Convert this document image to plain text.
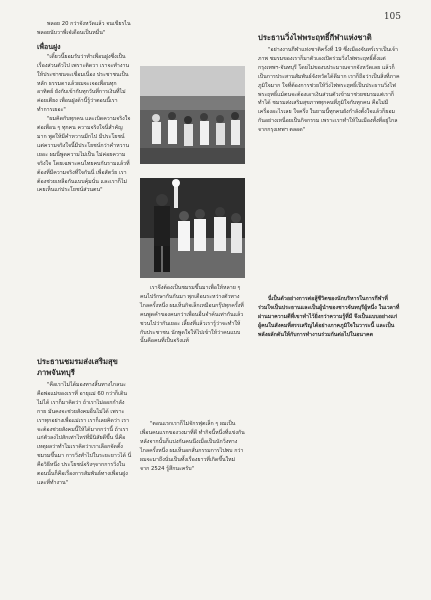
105

พลอย 20 กว่าจังหวัดแล้ว จนเขียรไน พลอยนับวาพี่เจ๋เดือนเป็นหมื่น"

เพื่อนฝูง

"เดี๋ยวนี้ยอมรับว่าทำเพื่อนฝูงซึ่งเป็นเรื่องส่วนตัวไป เพราะติดวา เราจะทำงานให้ประชาชนจะเชื่อมเนื่อง ประชาชนเป็นหลัก ธรรมดาแล้วผมจะเจอเพื่อนทุกอาทิตย์ ยังกับเข้ากับทุกวันที่การเงินที่ไม่ค่อยเตียง เพื่อนฝูงด้านี้รู้ว่าตอนนี้เราทำการเยอะ"

"ผมคิดกับทุกคน และเบิดความจริงใจต่อเพื่อน ๆ ทุกคน ความจริงใจนี่สำคัญมาก พูดให้มีคำหวานมีกไป มีประโยชน์ แต่ความจริงใจนี้มีประโยชน์กว่าคำหวานเยอะ ผมนี่พูดความไม่เป็น ไม่ค่อยความจริงใจ โดยเฉพาะคนไทยคบกันรามแล้วที่ต้องที่มีความจริงที่ใจกันนี่ เพื่อสัตว์ย เราต้องช่วยเหลือกันแบบคุ้มนั่น และเราก็ไม่เคยเห็นแก่ประโยชน์ส่วนตน"

เราจึงต้องเป็นชมรมขึ้นมาเพื่อให้หลาย ๆ คนไปรักษากันกันมา พุกเดือนระหว่างตัวทางไกลครั้งหนึ่ง ผมเห็นกิจเล็กเหมือนกรุ๊ปทุกครั้งที่คนพูดคำของคนกว่าเพื่อนอื่นจำค้นเท่ากันแล้วชวนไปว่ากันเยอะ เลี้ยงที่แล้วเรารู้ว่าจะทำให้กับประชาชน นักพูดใจให้ไปเข้าให้ว่าคนแบบนั้นคือคนที่เป็นจริงแท้

"ตอนแรกเราก็ไม่จักรฟุตเล็ก ๆ ผมเป็นเพื่อนคนแรกของวงมาที่ดี ทำกิจนี้หนึ่งที่แข่งกัน หลังจากนั้นก็แบ่งกันคนนึงเมื่อเป็นนักวิ่งทางไกลครั้งหนึ่ง ผมเห็นอกสั่นกรรมการไปพบ กว่าผมจะมาถึงนั่นเป็นทั้งเรื่องยาวที่เกิดขึ้นใหม่ จาก 2524 รู้สึกนะครับ"

ประธานชมรมส่งเสริมสุขภาพจันทบุรี

"คือเราไม่ได้มองทางสิ้นทางไกลนะคือพ่อแม่ของเราที่ อายุแม่ 60 กว่าก็เดินไม่ได้ เราก็มาคิดว่า ถ้าเราไม่ออกกำลังกาย มันคงจะช่วยสังคมอื่นไม่ได้ เพราะเราทุกอย่างเพื่อแม่เรา เราก็เลยคิดว่า เราจะต้องช่วยสังคมนี้ให้ได้มากกว่านี้ ถ้าเราแก่ตัวลงไปสักเท่าไหร่ที่มีนิสัยดีขึ้น นี่คือเหตุผลว่าทำไมเราคิดว่าเราเลือกจัดตั้งชมรมขึ้นมา การวิ่งทำไปในระยะยาวได้ นี่คือวิธีหนึ่ง ประโยชน์จริงๆจากการวิ่งในตอนนั้นก็คือเรื่องการสัมพันธ์ทางเพื่อนฝูงและที่ทำงาน"

ประธานวิ่งไฟพระฤทธิ์กีฬาแห่งชาติ

"อย่างงานกีฬาแห่งชาติครั้งที่ 19 ซึ่งเมืองจันทร์เราเป็นเจ้าภาพ ชมรมของเราก็มาตัวเองเปิดร่วมวิ่งไฟพระฤทธิ์ตั้งแต่กรุงเทพฯ-จันทบุรี โดยไม่ของบประมาณจากจังหวัดเลย แล้วก็เป็นการประสานสัมพันธ์จังหวัดได้ดีมาก เราก็ถือว่าเป็นสิ่งที่ภาคภูมิใจมาก ใจที่ต้องการช่วยให้วิ่งไฟพระฤทธิ์เป็นประธานวิ่งไฟพระฤทธิ์แม้ตนจะต้องเอาเงินส่วนตัวเข้ามาช่วยชมรมแต่เราก็ทำได้ ชมรมส่งเสริมสุขภาพทุกคนที่ภูมิใจกับทุกคน คือไม่มีเครื่องอะไรเลย ใจครึ่ง ในยามนี้ทุกคนยังกำลังตั้งใจแล้วก็ยอมกันอย่างเหนื่อยเป็นกิจกรรม เพราะเราทำให้ในเมืองทั้งที่อยู่ไกลจากกรุงเทพฯ ตลอด"

นี่เป็นตัวอย่างการต่อสู้ชีวิตของนักบริหารในการกีฬาที่ร่วมใจเป็นประธานและเป็นผู้นำของชาวจันทบุรีผู้หนึ่ง ในเวลาที่ผ่านมาความดีที่เขาทำไว้ยิ่งกว่าความรู้ที่มี จึงเป็นแบบอย่างแก่ผู้คนในสังคมที่สรรเสริญได้อย่างภาคภูมิใจในวาระนี้ และเป็นพลังผลักดันให้กับการทำงานร่วมกันต่อไปในอนาคต
